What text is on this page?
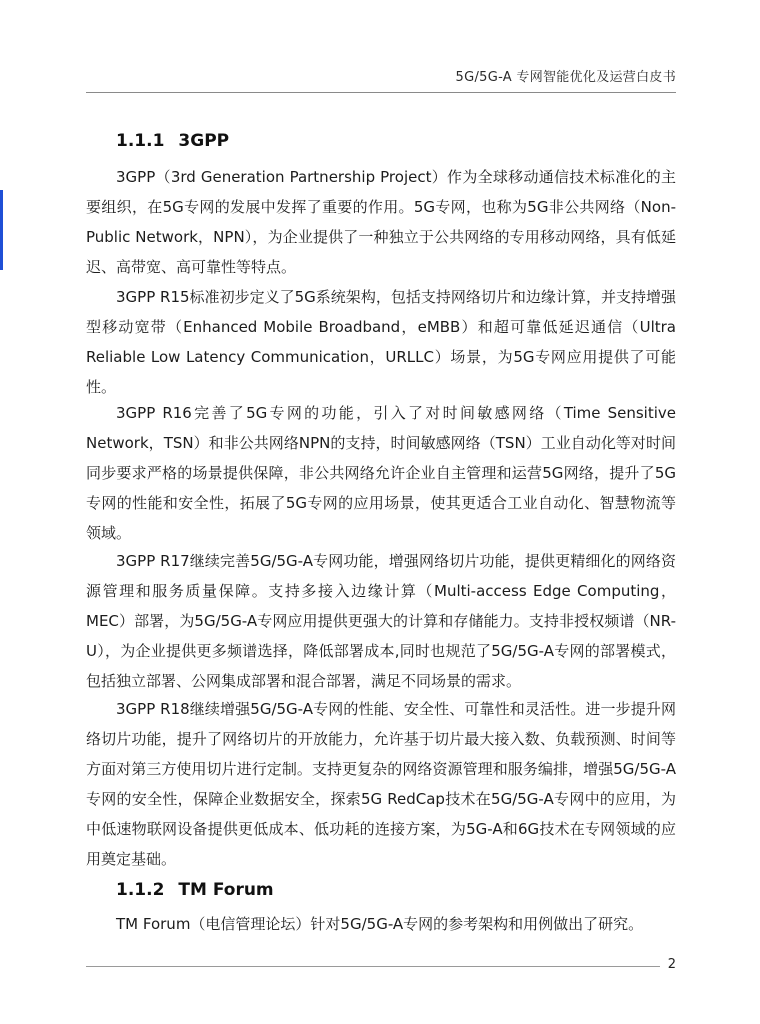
5G/5G-A 专网智能优化及运营白皮书
1.1.1 3GPP

3GPP（3rd Generation Partnership Project）作为全球移动通信技术标准化的主要组织，在5G专网的发展中发挥了重要的作用。5G专网，也称为5G非公共网络（Non-Public Network，NPN），为企业提供了一种独立于公共网络的专用移动网络，具有低延迟、高带宽、高可靠性等特点。

3GPP R15标准初步定义了5G系统架构，包括支持网络切片和边缘计算，并支持增强型移动宽带（Enhanced Mobile Broadband，eMBB）和超可靠低延迟通信（Ultra Reliable Low Latency Communication，URLLC）场景，为5G专网应用提供了可能性。

3GPP R16完善了5G专网的功能，引入了对时间敏感网络（Time Sensitive Network，TSN）和非公共网络NPN的支持，时间敏感网络（TSN）工业自动化等对时间同步要求严格的场景提供保障，非公共网络允许企业自主管理和运营5G网络，提升了5G专网的性能和安全性，拓展了5G专网的应用场景，使其更适合工业自动化、智慧物流等领域。

3GPP R17继续完善5G/5G-A专网功能，增强网络切片功能，提供更精细化的网络资源管理和服务质量保障。支持多接入边缘计算（Multi-access Edge Computing，MEC）部署，为5G/5G-A专网应用提供更强大的计算和存储能力。支持非授权频谱（NR-U），为企业提供更多频谱选择，降低部署成本,同时也规范了5G/5G-A专网的部署模式，包括独立部署、公网集成部署和混合部署，满足不同场景的需求。

3GPP R18继续增强5G/5G-A专网的性能、安全性、可靠性和灵活性。进一步提升网络切片功能，提升了网络切片的开放能力，允许基于切片最大接入数、负载预测、时间等方面对第三方使用切片进行定制。支持更复杂的网络资源管理和服务编排，增强5G/5G-A专网的安全性，保障企业数据安全，探索5G RedCap技术在5G/5G-A专网中的应用，为中低速物联网设备提供更低成本、低功耗的连接方案，为5G-A和6G技术在专网领域的应用奠定基础。

1.1.2 TM Forum

TM Forum（电信管理论坛）针对5G/5G-A专网的参考架构和用例做出了研究。

2
